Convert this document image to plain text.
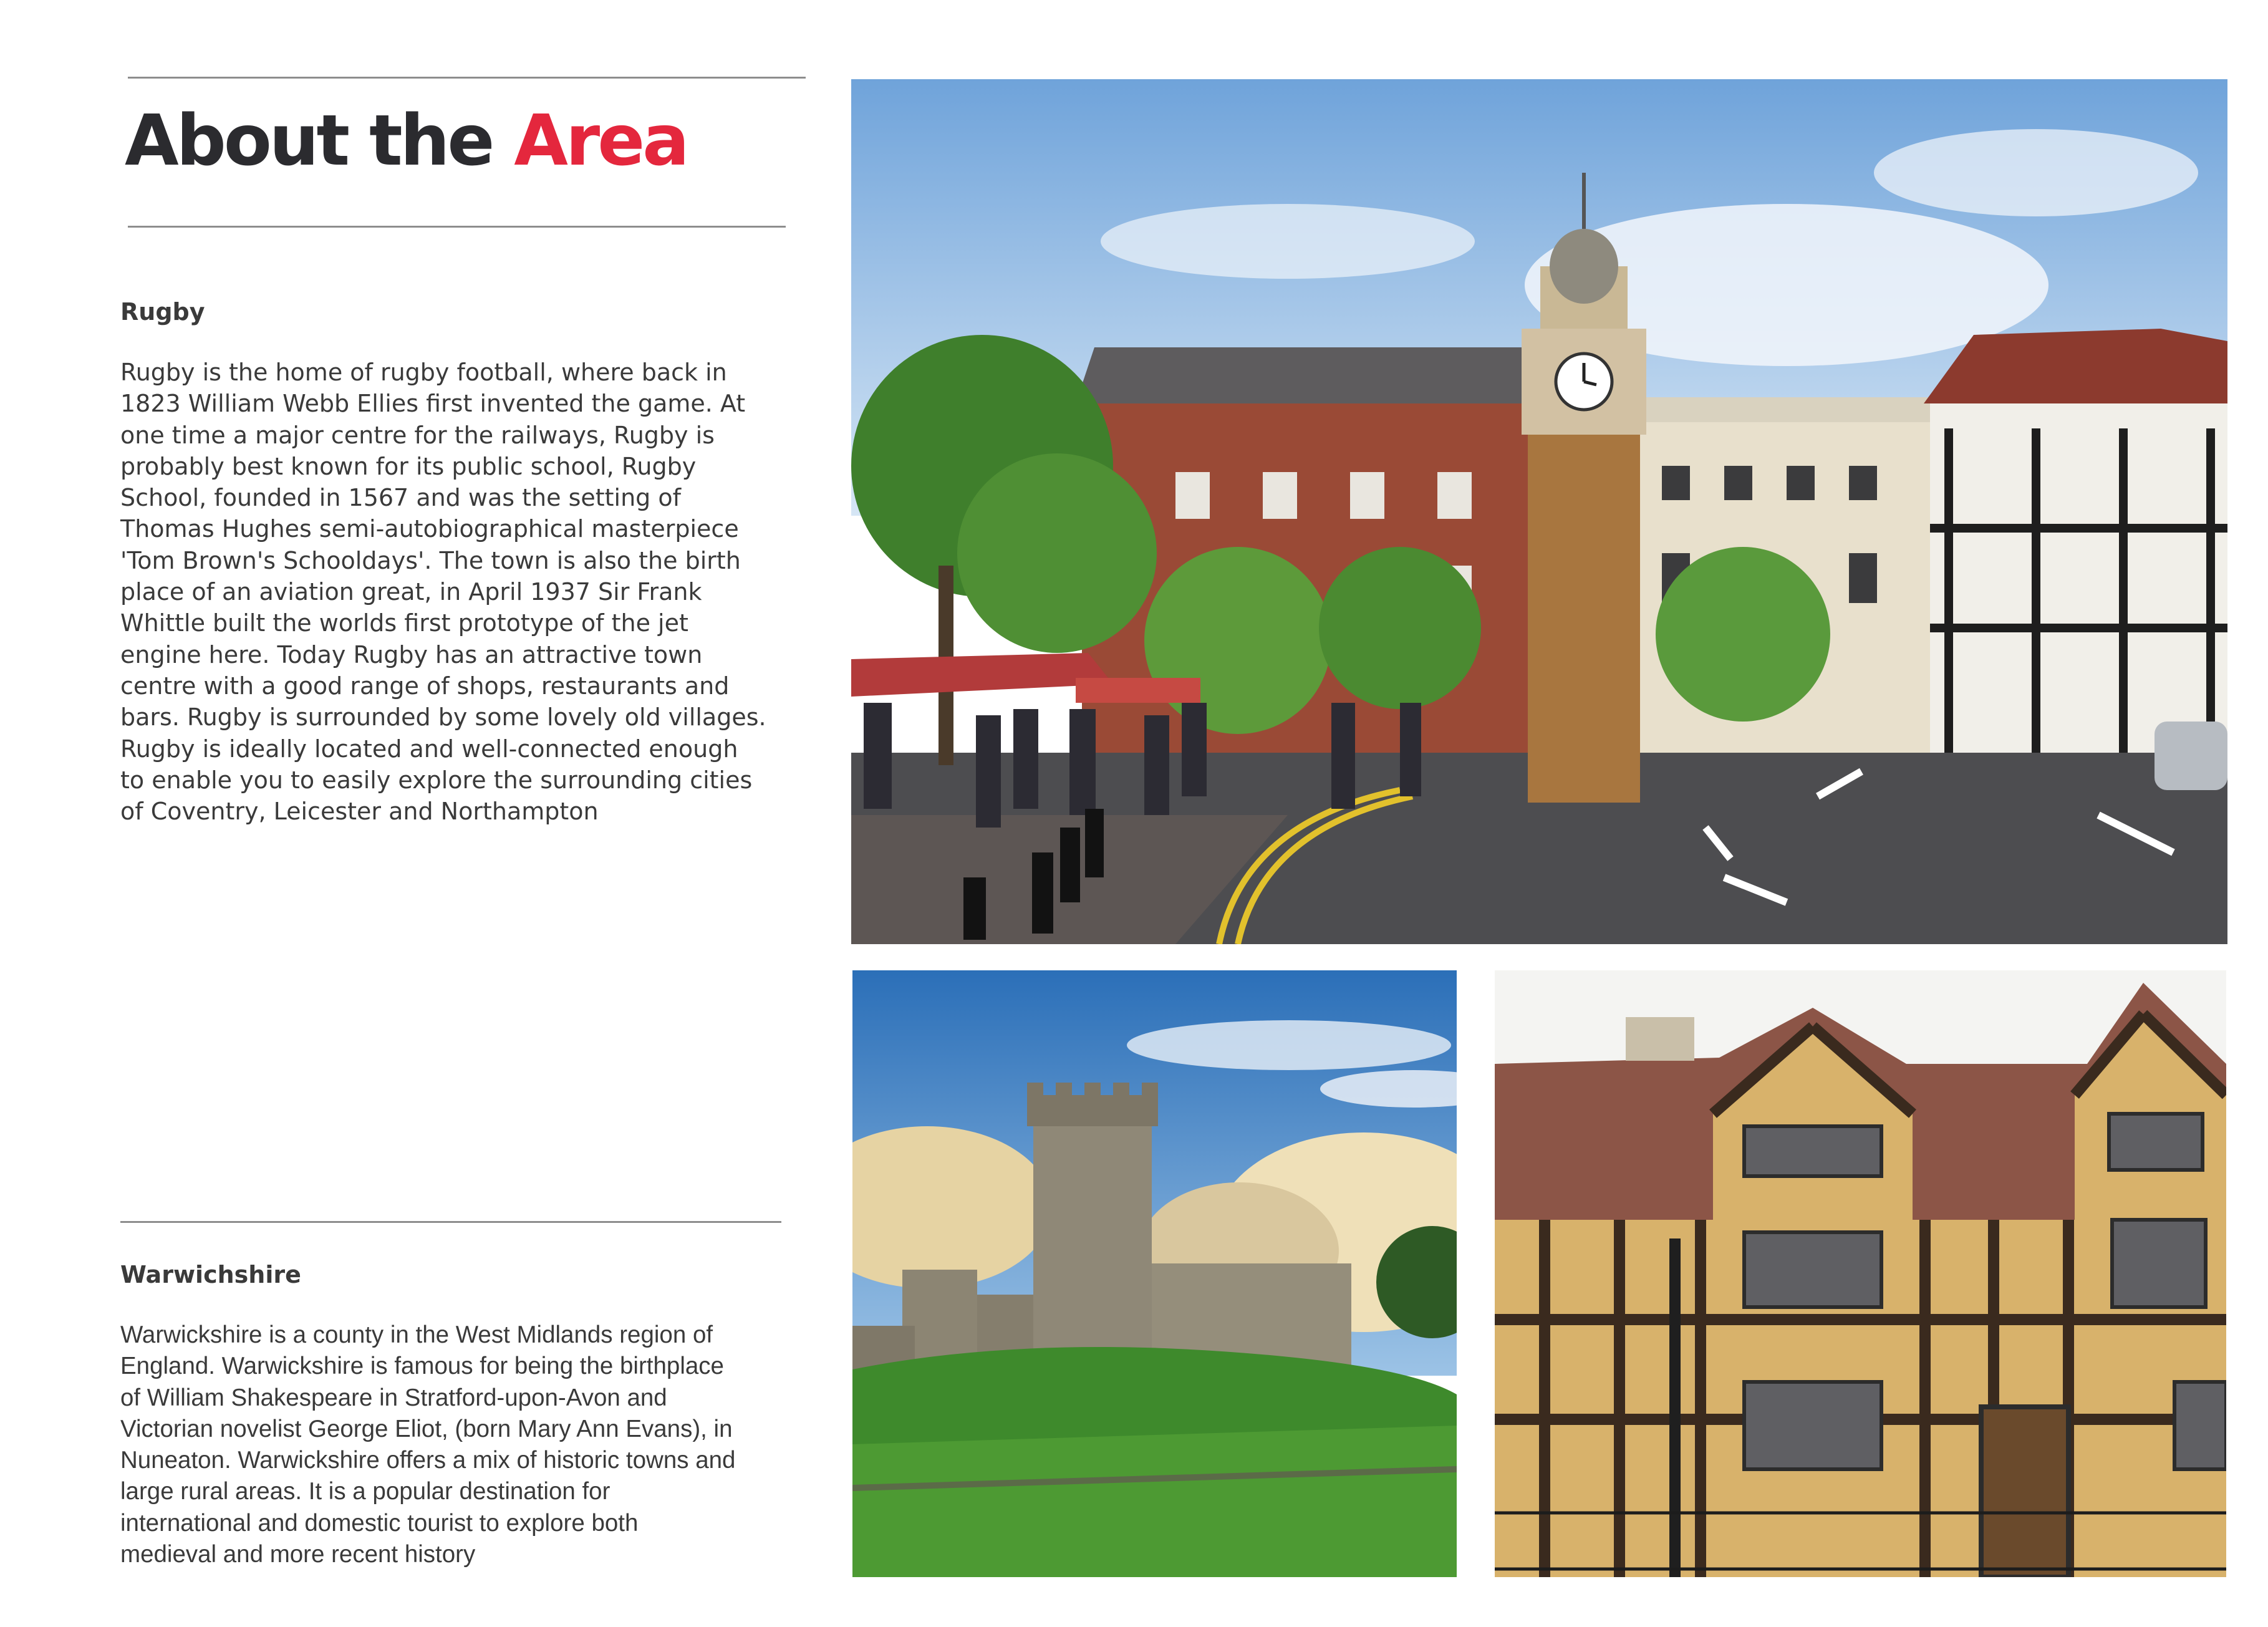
About the Area
Rugby

Rugby is the home of rugby football, where back in
1823 William Webb Ellies first invented the game. At
one time a major centre for the railways, Rugby is
probably best known for its public school, Rugby
School, founded in 1567 and was the setting of
Thomas Hughes semi-autobiographical masterpiece
'Tom Brown's Schooldays'. The town is also the birth
place of an aviation great, in April 1937 Sir Frank
Whittle built the worlds first prototype of the jet
engine here. Today Rugby has an attractive town
centre with a good range of shops, restaurants and
bars. Rugby is surrounded by some lovely old villages.
Rugby is ideally located and well-connected enough
to enable you to easily explore the surrounding cities
of Coventry, Leicester and Northampton

Warwichshire

Warwickshire is a county in the West Midlands region of
England. Warwickshire is famous for being the birthplace
of William Shakespeare in Stratford-upon-Avon and
Victorian novelist George Eliot, (born Mary Ann Evans), in
Nuneaton. Warwickshire offers a mix of historic towns and
large rural areas. It is a popular destination for
international and domestic tourist to explore both
medieval and more recent history
